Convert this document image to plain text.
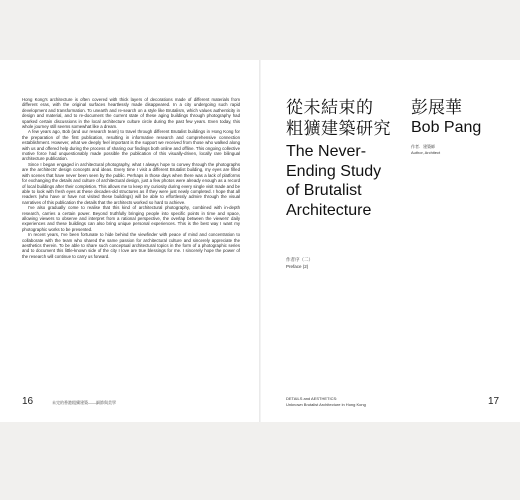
Hong Kong's architecture is often covered with thick layers of decorations made of different materials from different eras, with the original surfaces heartlessly made disappeared. In a city undergoing such rapid development and transformation. To unearth and re-search on a style like Brutalism, which values authenticity in design and material, and to re-document the current state of these aging buildings through photography had sparked certain discussions in the local architecture culture circle during the past few years. Even today, this whole journey still seems somewhat like a dream.

A few years ago, Bob (and our research team) to travel through different Brutalist buildings in Hong Kong for the preparation of the first publication, resulting in informative research and comprehensive connection establishment. However, what we deeply feel important is the support we received from those who walked along with us and offered help during the process of sharing our findings both online and offline. This ongoing collective motive force had unquestionably made possible the publication of this visually-driven, locally rare bilingual architecture publication.

Since I began engaged in architectural photography, what I always hope to convey through the photographs are the architects' design concepts and ideas. Every time I visit a different Brutalist building, my eyes are filled with scenes that have never been seen by the public. Perhaps in those days when there was a lack of platforms for exchanging the details and culture of architectural design, just a few photos were already enough as a record of local buildings after their completion. This allows me to keep my curiosity during every single visit made and be able to look with fresh eyes at these decades-old structures as if they were just newly completed. I hope that all readers (who have or have not visited these buildings) will be able to effortlessly admire through the visual narratives of this publication the details that the architects worked so hard to achieve.

I've also gradually come to realise that this kind of architectural photography, combined with in-depth research, carries a certain power. Beyond truthfully bringing people into specific points in time and space, allowing viewers to observe and interpret from a rational perspective, the overlap between the viewers' daily experiences and these buildings can also bring unique personal experiences. This is the best way I want my photographic works to be presented.

In recent years, I've been fortunate to hide behind the viewfinder with peace of mind and concentration to collaborate with the team who shared the same passion for architectural culture and sincerely appreciate the aesthetics therein. To be able to share such conceptual architectural topics in the form of a photographic series and to document this little-known side of the city I love are true blessings for me. I sincerely hope the power of the research will continue to carry us forward.

16	未完的香港粗獷建築——細節與美學
從未結束的
粗獷建築研究
The Never-Ending Study of Brutalist Architecture
彭展華
Bob Pang
作者．建築師
Author, Architect
作者序（二）
Preface (2)
DETAILS and AESTHETICS:
Unknown Brutalist Architecture in Hong Kong	17
